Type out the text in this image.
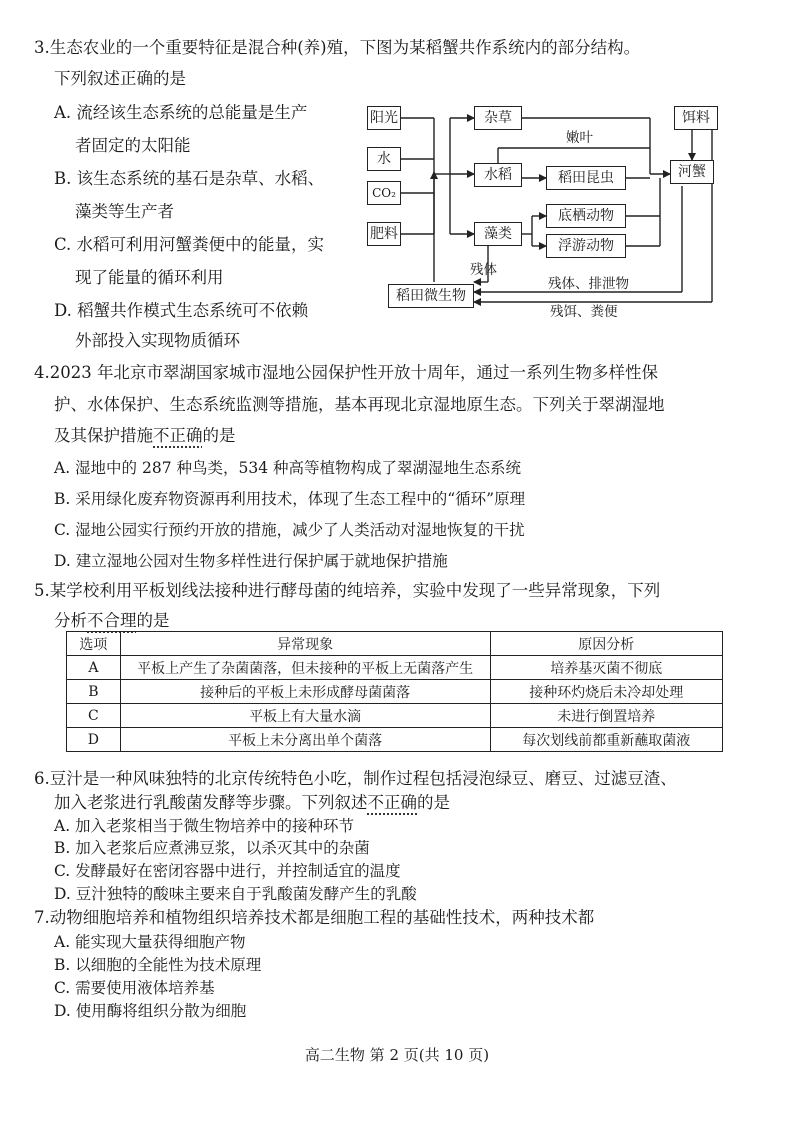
3.生态农业的一个重要特征是混合种(养)殖，下图为某稻蟹共作系统内的部分结构。
下列叙述正确的是
A. 流经该生态系统的总能量是生产
者固定的太阳能
B. 该生态系统的基石是杂草、水稻、
藻类等生产者
C. 水稻可利用河蟹粪便中的能量，实
现了能量的循环利用
D. 稻蟹共作模式生态系统可不依赖
外部投入实现物质循环
阳光
水
CO₂
肥料
杂草
水稻
藻类
稻田昆虫
底栖动物
浮游动物
饵料
河蟹
稻田微生物
嫩叶
残体
残体、排泄物
残饵、粪便
4.2023 年北京市翠湖国家城市湿地公园保护性开放十周年，通过一系列生物多样性保
护、水体保护、生态系统监测等措施，基本再现北京湿地原生态。下列关于翠湖湿地
及其保护措施不正确的是
A. 湿地中的 287 种鸟类，534 种高等植物构成了翠湖湿地生态系统
B. 采用绿化废弃物资源再利用技术，体现了生态工程中的“循环”原理
C. 湿地公园实行预约开放的措施，减少了人类活动对湿地恢复的干扰
D. 建立湿地公园对生物多样性进行保护属于就地保护措施
5.某学校利用平板划线法接种进行酵母菌的纯培养，实验中发现了一些异常现象，下列
分析不合理的是
选项	异常现象	原因分析
A	平板上产生了杂菌菌落，但未接种的平板上无菌落产生	培养基灭菌不彻底
B	接种后的平板上未形成酵母菌菌落	接种环灼烧后未冷却处理
C	平板上有大量水滴	未进行倒置培养
D	平板上未分离出单个菌落	每次划线前都重新蘸取菌液
6.豆汁是一种风味独特的北京传统特色小吃，制作过程包括浸泡绿豆、磨豆、过滤豆渣、
加入老浆进行乳酸菌发酵等步骤。下列叙述不正确的是
A. 加入老浆相当于微生物培养中的接种环节
B. 加入老浆后应煮沸豆浆，以杀灭其中的杂菌
C. 发酵最好在密闭容器中进行，并控制适宜的温度
D. 豆汁独特的酸味主要来自于乳酸菌发酵产生的乳酸
7.动物细胞培养和植物组织培养技术都是细胞工程的基础性技术，两种技术都
A. 能实现大量获得细胞产物
B. 以细胞的全能性为技术原理
C. 需要使用液体培养基
D. 使用酶将组织分散为细胞
高二生物 第 2 页(共 10 页)
